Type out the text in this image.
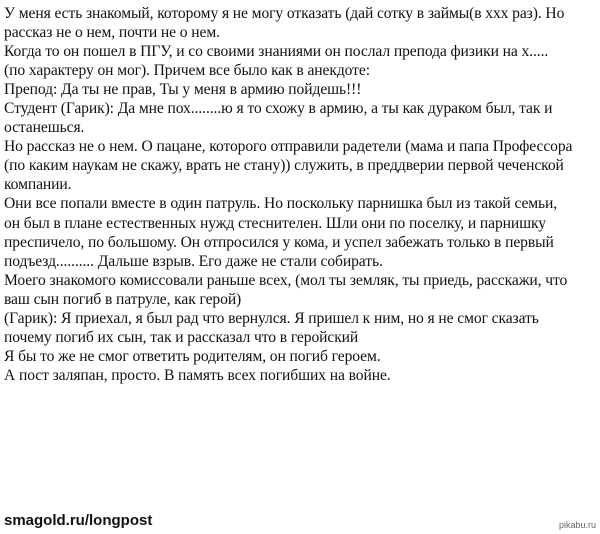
У меня есть знакомый, которому я не могу отказать (дай сотку в займы(в ххх раз). Но
рассказ не о нем, почти не о нем.
Когда то он пошел в ПГУ, и со своими знаниями он послал препода физики на х.....
(по характеру он мог). Причем все было как в анекдоте:
Препод: Да ты не прав, Ты у меня в армию пойдешь!!!
Студент (Гарик): Да мне пох........ю я то схожу в армию, а ты как дураком был, так и
останешься.
Но рассказ не о нем. О пацане, которого отправили радетели (мама и папа Профессора
(по каким наукам не скажу, врать не стану)) служить, в преддверии первой чеченской
компании.
Они все попали вместе в один патруль. Но поскольку парнишка был из такой семьи,
он был в плане естественных нужд стеснителен. Шли они по поселку, и парнишку
преспичело, по большому. Он отпросился у кома, и успел забежать только в первый
подъезд.......... Дальше взрыв. Его даже не стали собирать.
Моего знакомого комиссовали раньше всех, (мол ты земляк, ты приедь, расскажи, что
ваш сын погиб в патруле, как герой)
(Гарик): Я приехал, я был рад что вернулся. Я пришел к ним, но я не смог сказать
почему погиб их сын, так и рассказал что в геройский
Я бы то же не смог ответить родителям, он погиб героем.
А пост заляпан, просто. В память всех погибших на войне.
smagold.ru/longpost	pikabu.ru
